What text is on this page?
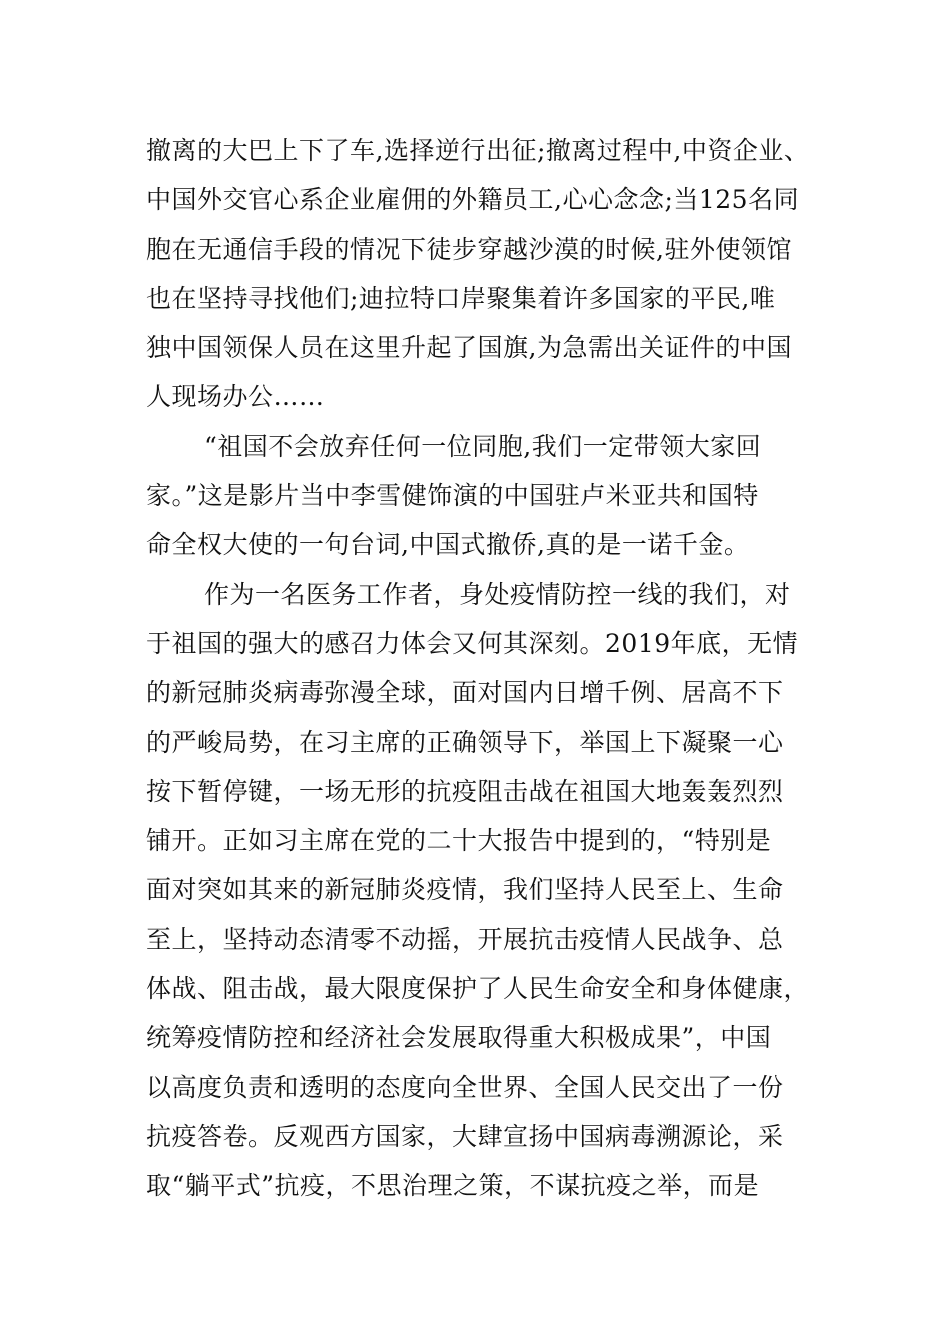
撤离的大巴上下了车,选择逆行出征;撤离过程中,中资企业、
中国外交官心系企业雇佣的外籍员工,心心念念;当125名同
胞在无通信手段的情况下徒步穿越沙漠的时候,驻外使领馆
也在坚持寻找他们;迪拉特口岸聚集着许多国家的平民,唯
独中国领保人员在这里升起了国旗,为急需出关证件的中国
人现场办公……
“祖国不会放弃任何一位同胞,我们一定带领大家回
家。”这是影片当中李雪健饰演的中国驻卢米亚共和国特
命全权大使的一句台词,中国式撤侨,真的是一诺千金。
作为一名医务工作者，身处疫情防控一线的我们，对
于祖国的强大的感召力体会又何其深刻。2019年底，无情
的新冠肺炎病毒弥漫全球，面对国内日增千例、居高不下
的严峻局势，在习主席的正确领导下，举国上下凝聚一心
按下暂停键，一场无形的抗疫阻击战在祖国大地轰轰烈烈
铺开。正如习主席在党的二十大报告中提到的，“特别是
面对突如其来的新冠肺炎疫情，我们坚持人民至上、生命
至上，坚持动态清零不动摇，开展抗击疫情人民战争、总
体战、阻击战，最大限度保护了人民生命安全和身体健康，
统筹疫情防控和经济社会发展取得重大积极成果”，中国
以高度负责和透明的态度向全世界、全国人民交出了一份
抗疫答卷。反观西方国家，大肆宣扬中国病毒溯源论，采
取“躺平式”抗疫，不思治理之策，不谋抗疫之举，而是
